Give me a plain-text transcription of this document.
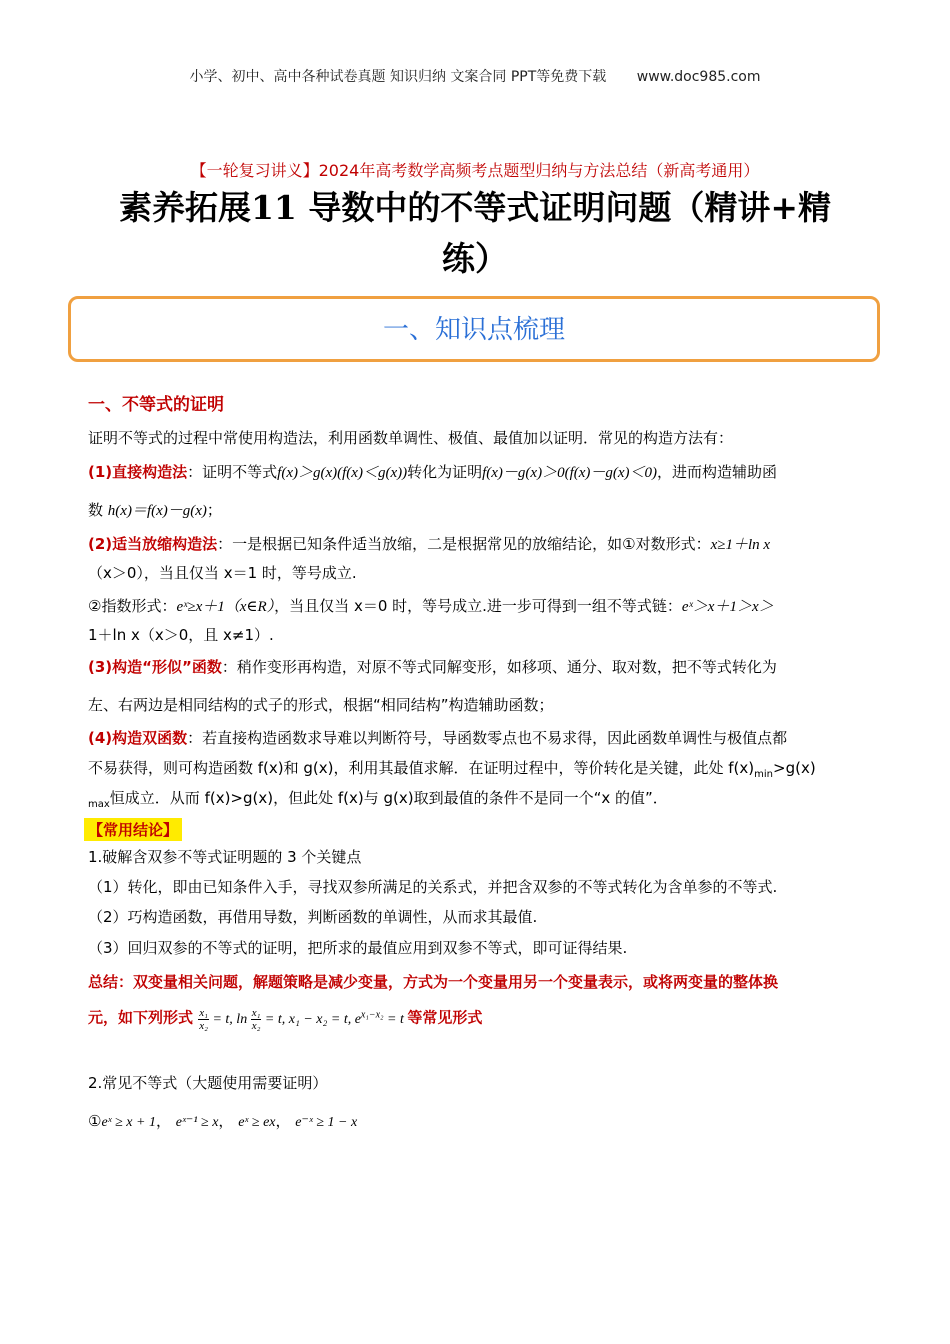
小学、初中、高中各种试卷真题 知识归纳 文案合同 PPT等免费下载 www.doc985.com
【一轮复习讲义】2024年高考数学高频考点题型归纳与方法总结（新高考通用）
素养拓展11 导数中的不等式证明问题（精讲+精
练）
一、知识点梳理
一、不等式的证明
证明不等式的过程中常使用构造法，利用函数单调性、极值、最值加以证明．常见的构造方法有：
(1)直接构造法：证明不等式f(x)＞g(x)(f(x)＜g(x))转化为证明f(x)－g(x)＞0(f(x)－g(x)＜0)，进而构造辅助函
数 h(x)＝f(x)－g(x)；
(2)适当放缩构造法：一是根据已知条件适当放缩，二是根据常见的放缩结论，如①对数形式：x≥1＋ln x
（x＞0），当且仅当 x＝1 时，等号成立.
②指数形式：eˣ≥x＋1（x∈R），当且仅当 x＝0 时，等号成立.进一步可得到一组不等式链：eˣ＞x＋1＞x＞
1＋ln x（x＞0，且 x≠1）.
(3)构造“形似”函数：稍作变形再构造，对原不等式同解变形，如移项、通分、取对数，把不等式转化为
左、右两边是相同结构的式子的形式，根据“相同结构”构造辅助函数；
(4)构造双函数：若直接构造函数求导难以判断符号，导函数零点也不易求得，因此函数单调性与极值点都
不易获得，则可构造函数 f(x)和 g(x)，利用其最值求解．在证明过程中，等价转化是关键，此处 $f(x)_{min}>g(x)$
$_{max}$恒成立．从而 f(x)>g(x)，但此处 f(x)与 g(x)取到最值的条件不是同一个“x 的值”．
【常用结论】
1.破解含双参不等式证明题的 3 个关键点
（1）转化，即由已知条件入手，寻找双参所满足的关系式，并把含双参的不等式转化为含单参的不等式.
（2）巧构造函数，再借用导数，判断函数的单调性，从而求其最值.
（3）回归双参的不等式的证明，把所求的最值应用到双参不等式，即可证得结果.
总结：双变量相关问题，解题策略是减少变量，方式为一个变量用另一个变量表示，或将两变量的整体换
元，如下列形式 $\frac{\text{x₁}}{\text{x₂}} = t$, $\ln \frac{\text{x₁}}{\text{x₂}} = t$, x₁ − x₂ = t, $e^{x_1-x_2} = t$ 等常见形式
2.常见不等式（大题使用需要证明）
①eˣ ≥ x + 1， eˣ⁻¹ ≥ x， eˣ ≥ ex， e⁻ˣ ≥ 1 − x
